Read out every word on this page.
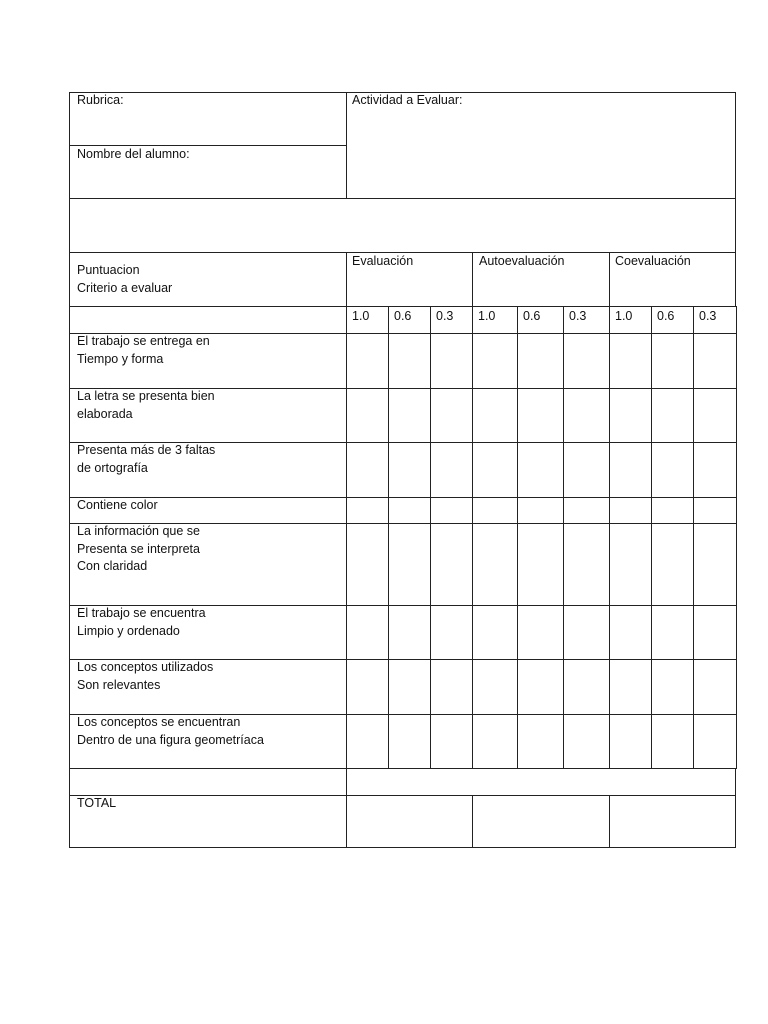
Rubrica:
Nombre del alumno:
Actividad a Evaluar:
Puntuacion
Criterio a evaluar
Evaluación	Autoevaluación	Coevaluación
1.0 0.6 0.3 1.0 0.6 0.3 1.0 0.6 0.3
TOTAL
El trabajo se entrega en
Tiempo y forma
La letra se presenta bien
elaborada
Presenta más de 3 faltas
de ortografía
Contiene color
La información que se
Presenta se interpreta
Con claridad
El trabajo se encuentra
Limpio y ordenado
Los conceptos utilizados
Son relevantes
Los conceptos se encuentran
Dentro de una figura geometríaca
